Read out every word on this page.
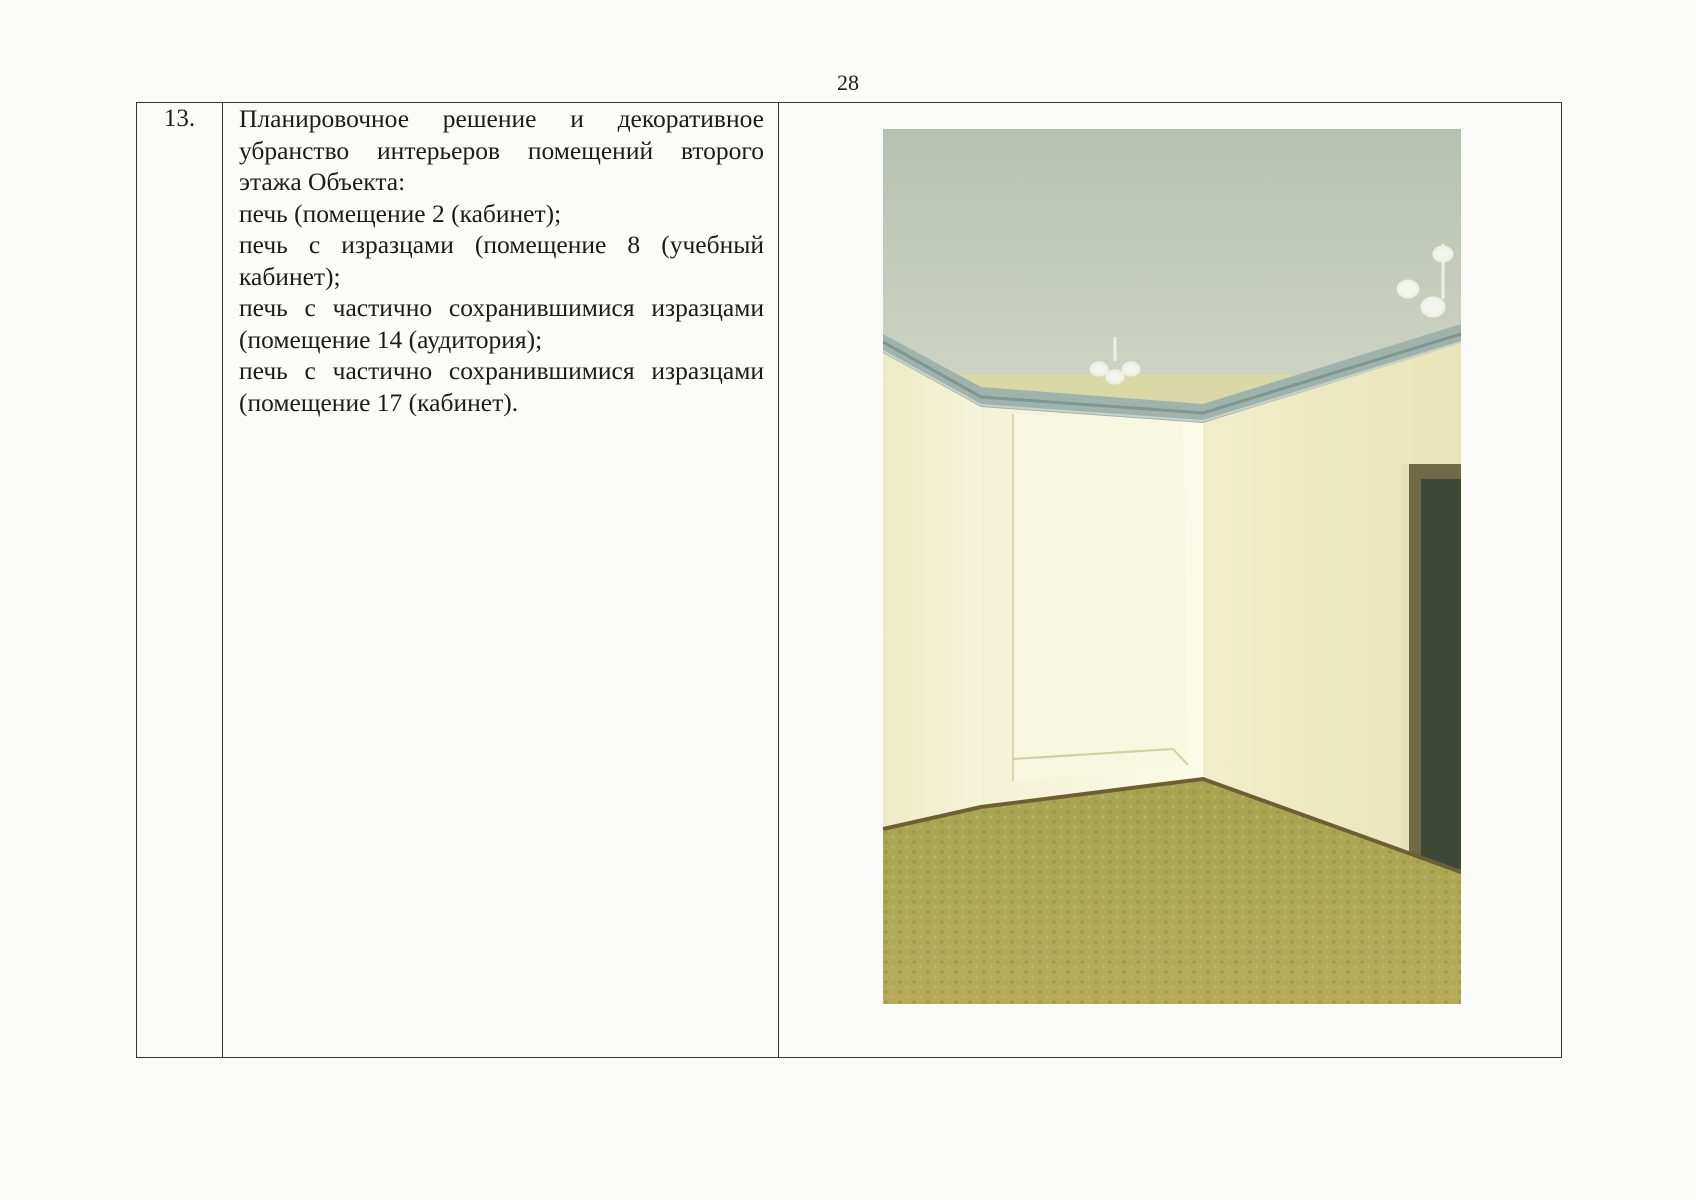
28
13.	Планировочное решение и декоративное убранство интерьеров помещений второго этажа Объекта:

печь (помещение 2 (кабинет);

печь с изразцами (помещение 8 (учебный кабинет);

печь с частично сохранившимися изразцами (помещение 14 (аудитория);

печь с частично сохранившимися изразцами (помещение 17 (кабинет).
